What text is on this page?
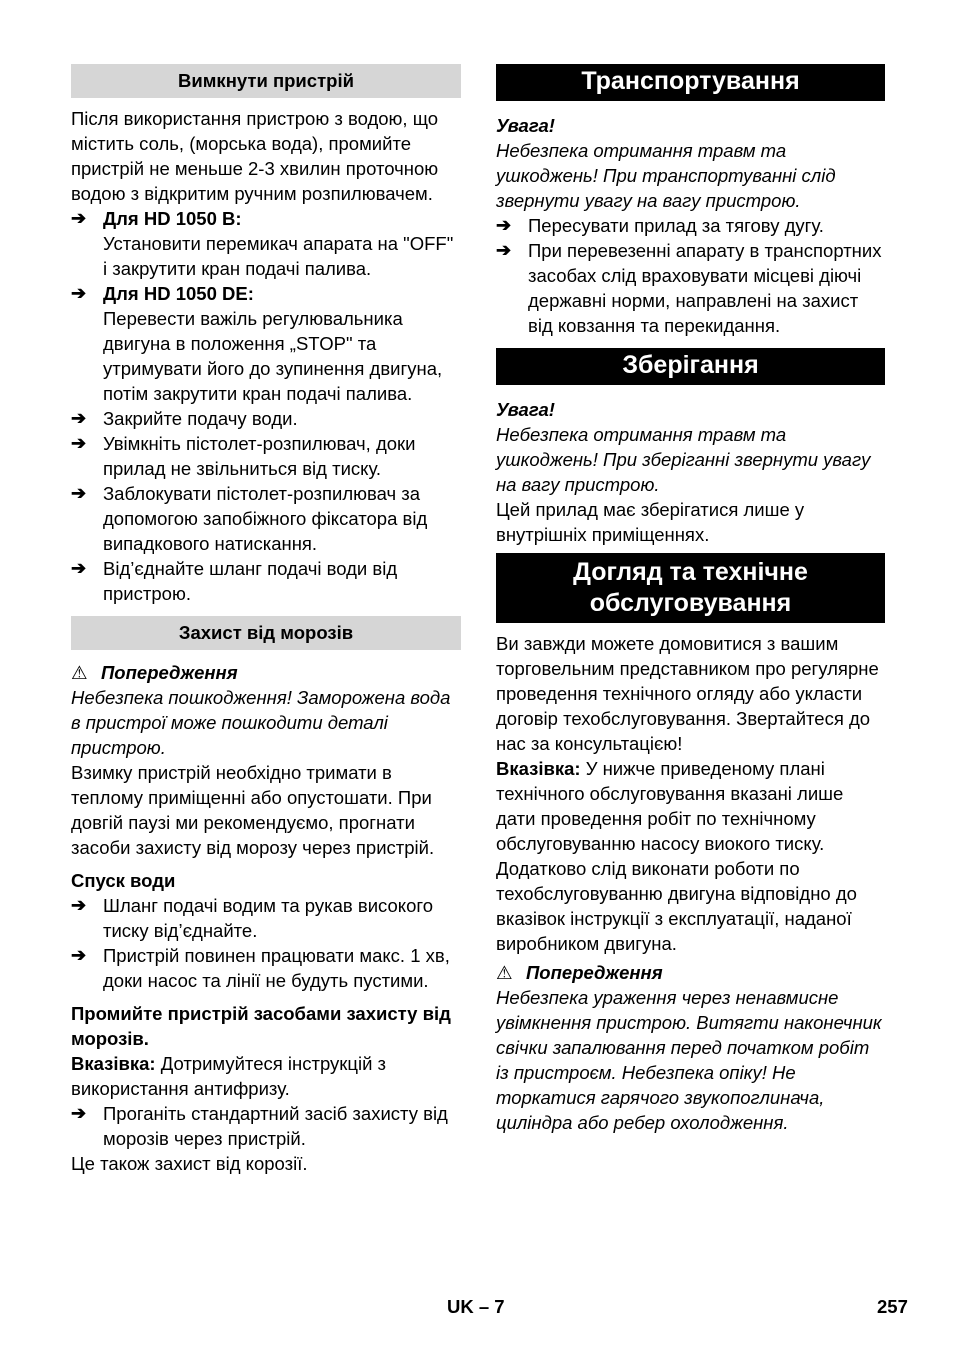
Вимкнути пристрій

Після використання пристрою з водою, що містить соль, (морська вода), промийте пристрій не меньше 2-3 хвилин проточною водою з відкритим ручним розпилювачем.

➔ Для HD 1050 B:
Установити перемикач апарата на "OFF" і закрутити кран подачі палива.
➔ Для HD 1050 DE:
Перевести важіль регулювальника двигуна в положення „STOP" та утримувати його до зупинення двигуна, потім закрутити кран подачі палива.
➔ Закрийте подачу води.
➔ Увімкніть пістолет-розпилювач, доки прилад не звільниться від тиску.
➔ Заблокувати пістолет-розпилювач за допомогою запобіжного фіксатора від випадкового натискання.
➔ Від’єднайте шланг подачі води від пристрою.
Захист від морозів

⚠ Попередження

Небезпека пошкодження! Заморожена вода в пристрої може пошкодити деталі пристрою.

Взимку пристрій необхідно тримати в теплому приміщенні або опустошати. При довгій паузі ми рекомендуємо, прогнати засоби захисту від морозу через пристрій.

Спуск води

➔ Шланг подачі водим та рукав високого тиску від’єднайте.
➔ Пристрій повинен працювати макс. 1 хв, доки насос та лінії не будуть пустими.

Промийте пристрій засобами захисту від морозів.

Вказівка: Дотримуйтеся інструкцій з використання антифризу.

➔ Проганіть стандартний засіб захисту від морозів через пристрій.

Це також захист від корозії.

Транспортування

Увага!

Небезпека отримання травм та ушкоджень! При транспортуванні слід звернути увагу на вагу пристрою.

➔ Пересувати прилад за тягову дугу.
➔ При перевезенні апарату в транспортних засобах слід враховувати місцеві діючі державні норми, направлені на захист від ковзання та перекидання.
Зберігання

Увага!

Небезпека отримання травм та ушкоджень! При зберіганні звернути увагу на вагу пристрою.

Цей прилад має зберігатися лише у внутрішніх приміщеннях.

Догляд та технічне
обслуговування

Ви завжди можете домовитися з вашим торговельним представником про регулярне проведення технічного огляду або укласти договір техобслуговування. Звертайтеся до нас за консультацією!

Вказівка: У нижче приведеному плані технічного обслуговування вказані лише дати проведення робіт по технічному обслуговуванню насосу виокого тиску. Додатково слід виконати роботи по техобслуговуванню двигуна відповідно до вказівок інструкції з експлуатації, наданої виробником двигуна.

⚠ Попередження

Небезпека ураження через ненавмисне увімкнення пристрою. Витягти наконечник свічки запалювання перед початком робіт із пристроєм. Небезпека опіку! Не торкатися гарячого звукопоглинача, циліндра або ребер охолодження.

UK – 7	257
